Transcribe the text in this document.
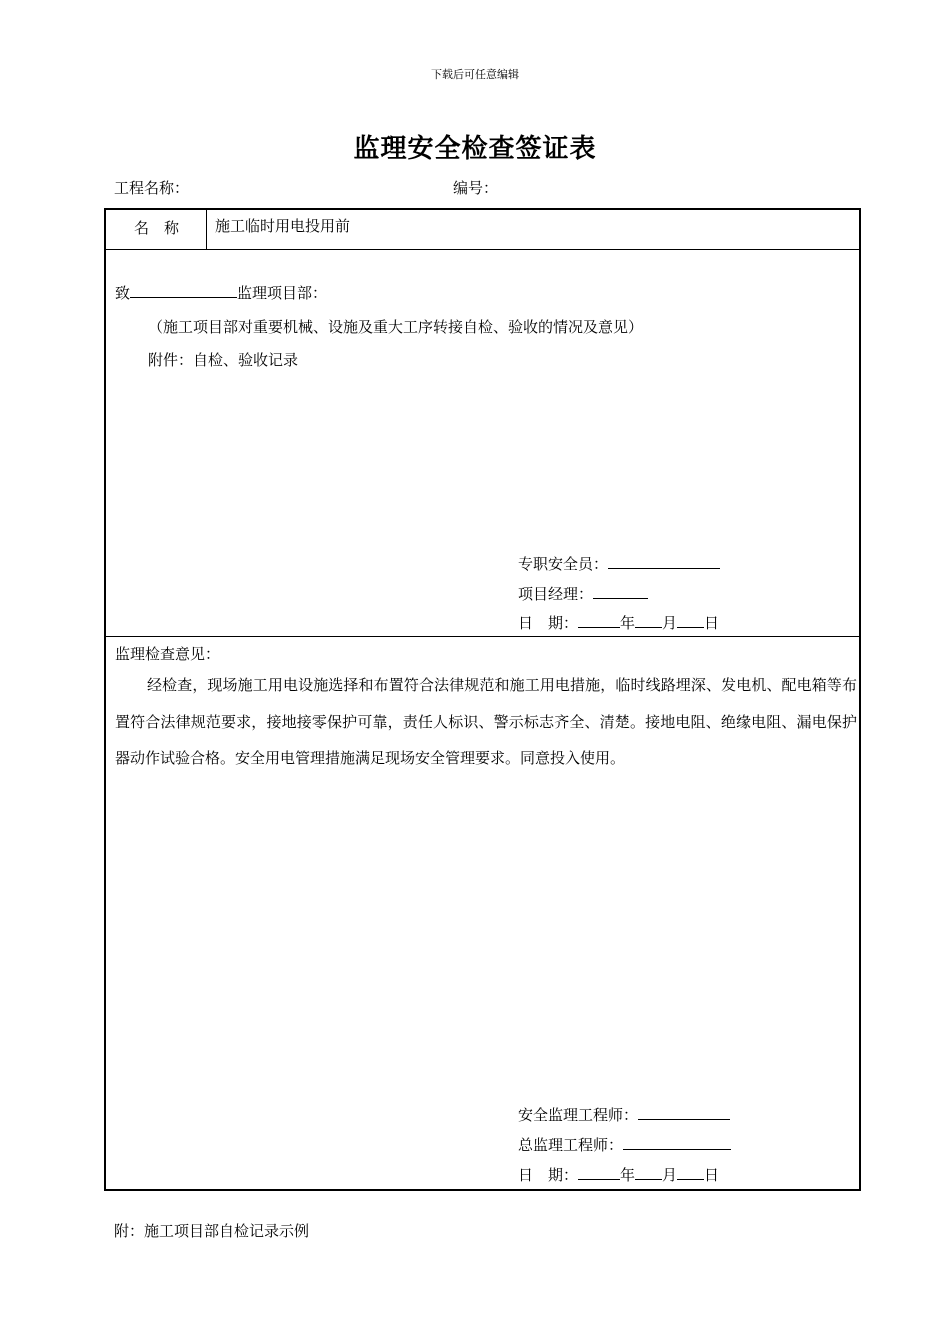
下载后可任意编辑
监理安全检查签证表
工程名称：	编号：
名　称 施工临时用电投用前
致	监理项目部：
（施工项目部对重要机械、设施及重大工序转接自检、验收的情况及意见）
附件：自检、验收记录
专职安全员：
项目经理：
日　期：	年 月 日
监理检查意见：
经检查，现场施工用电设施选择和布置符合法律规范和施工用电措施，临时线路埋深、发电机、配电箱等布置符合法律规范要求，接地接零保护可靠，责任人标识、警示标志齐全、清楚。接地电阻、绝缘电阻、漏电保护器动作试验合格。安全用电管理措施满足现场安全管理要求。同意投入使用。
安全监理工程师：
总监理工程师：
日　期：	年 月 日
附：施工项目部自检记录示例
